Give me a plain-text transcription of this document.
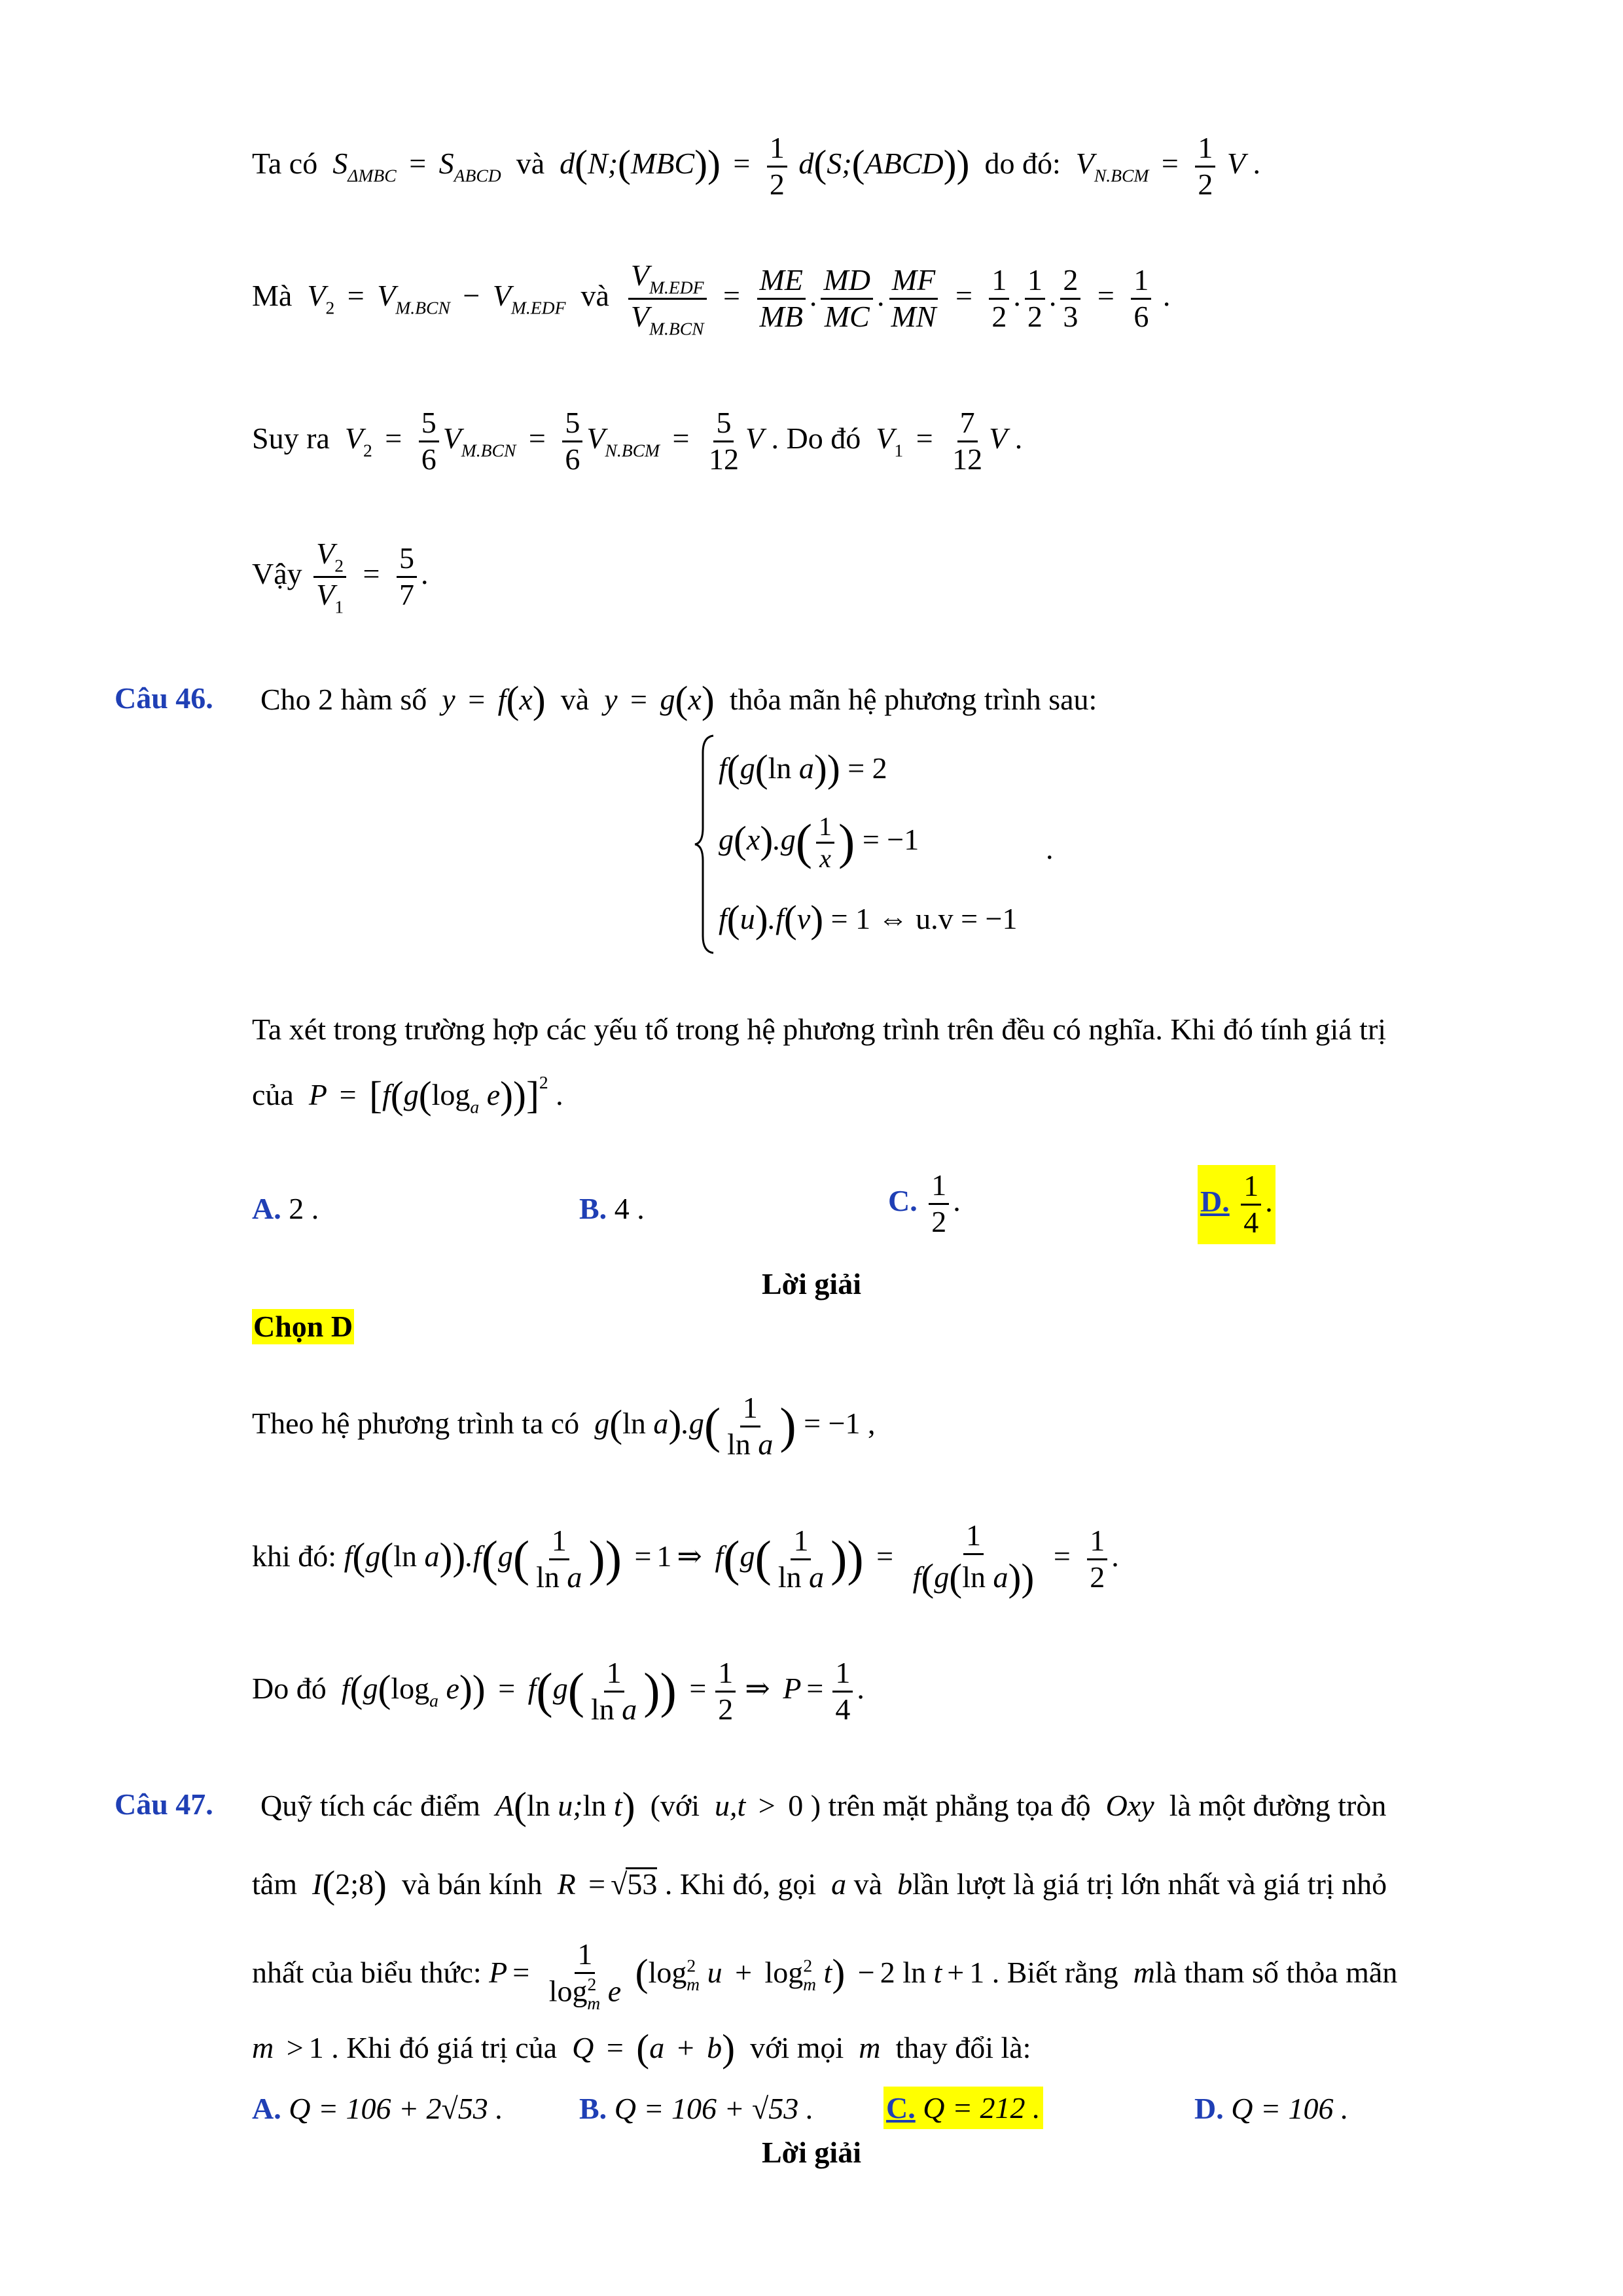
Ta có  $S_{\Delta MBC} = S_{ABCD}$ và d(N;(MBC)) = $\frac{1}{2}$ d(S;(ABCD)) do đó: $V_{N.BCM} = \frac{1}{2}$ V .
Mà  $V_2 = V_{M.BCN} - V_{M.EDF}$ và $\frac{V_{M.EDF}}{V_{M.BCN}} = \frac{ME}{MB}$ . $\frac{MD}{MC}$ . $\frac{MF}{MN} = \frac{1}{2}$ . $\frac{1}{2}$ . $\frac{2}{3} = \frac{1}{6}$ .
Suy ra  $V_2 = \frac{5}{6} V_{M.BCN} = \frac{5}{6} V_{N.BCM} = \frac{5}{12}$ V . Do đó  $V_1 = \frac{7}{12}$ V .
Vậy $\frac{V_2}{V_1} = \frac{5}{7}$ .
Câu 46. Cho 2 hàm số  y = f(x) và y = g(x) thỏa mãn hệ phương trình sau:
f(g(ln a)) = 2
$g(x).g( \frac{1}{x}$ ) = −1
f(u).f(v) = 1 ⇔ u.v = −1
.
Ta xét trong trường hợp các yếu tố trong hệ phương trình trên đều có nghĩa. Khi đó tính giá trị
của  $P = [f(g(\log_a$ e))]$^2$ .
A. 2 .	B. 4 .	C. $\frac{1}{2}$ .	D. $\frac{1}{4}$ .
Lời giải
Chọn D
Theo hệ phương trình ta có  g(ln $a).g( \frac{1}{\text{ln a}}$ ) = −1 ,
khi đó: f(g(ln $a)).f(g( \frac{1}{\text{ln a}}$ )) = 1 ⇒ $f(g( \frac{1}{\text{ln a}}$ )) = $\frac{1}{\text{f(g(ln a))}} = \frac{1}{2}$ .
Do đó  $f(g(\log_a$ $e)) = f(g( \frac{1}{\text{ln a}}$ )) = $\frac{1}{2}$ ⇒ $P = \frac{1}{4}$ .
Câu 47. Quỹ tích các điểm  A(ln u;ln t) (với  u,t > 0 ) trên mặt phẳng tọa độ  Oxy  là một đường tròn
tâm  I(2;8) và bán kính  R = √53 . Khi đó, gọi  a và  blần lượt là giá trị lớn nhất và giá trị nhỏ
nhất của biểu thức: $P = \frac{1}{\log^2_m e} (\log^2_m$ $u + \log^2_m t) - 2$ ln t + 1 . Biết rằng  mlà tham số thỏa mãn
m > 1 . Khi đó giá trị của  Q = (a + b) với mọi  m  thay đổi là:
A. Q = 106 + 2√53 .	B. Q = 106 + √53 . C. Q = 212 .	D. Q = 106 .
Lời giải
